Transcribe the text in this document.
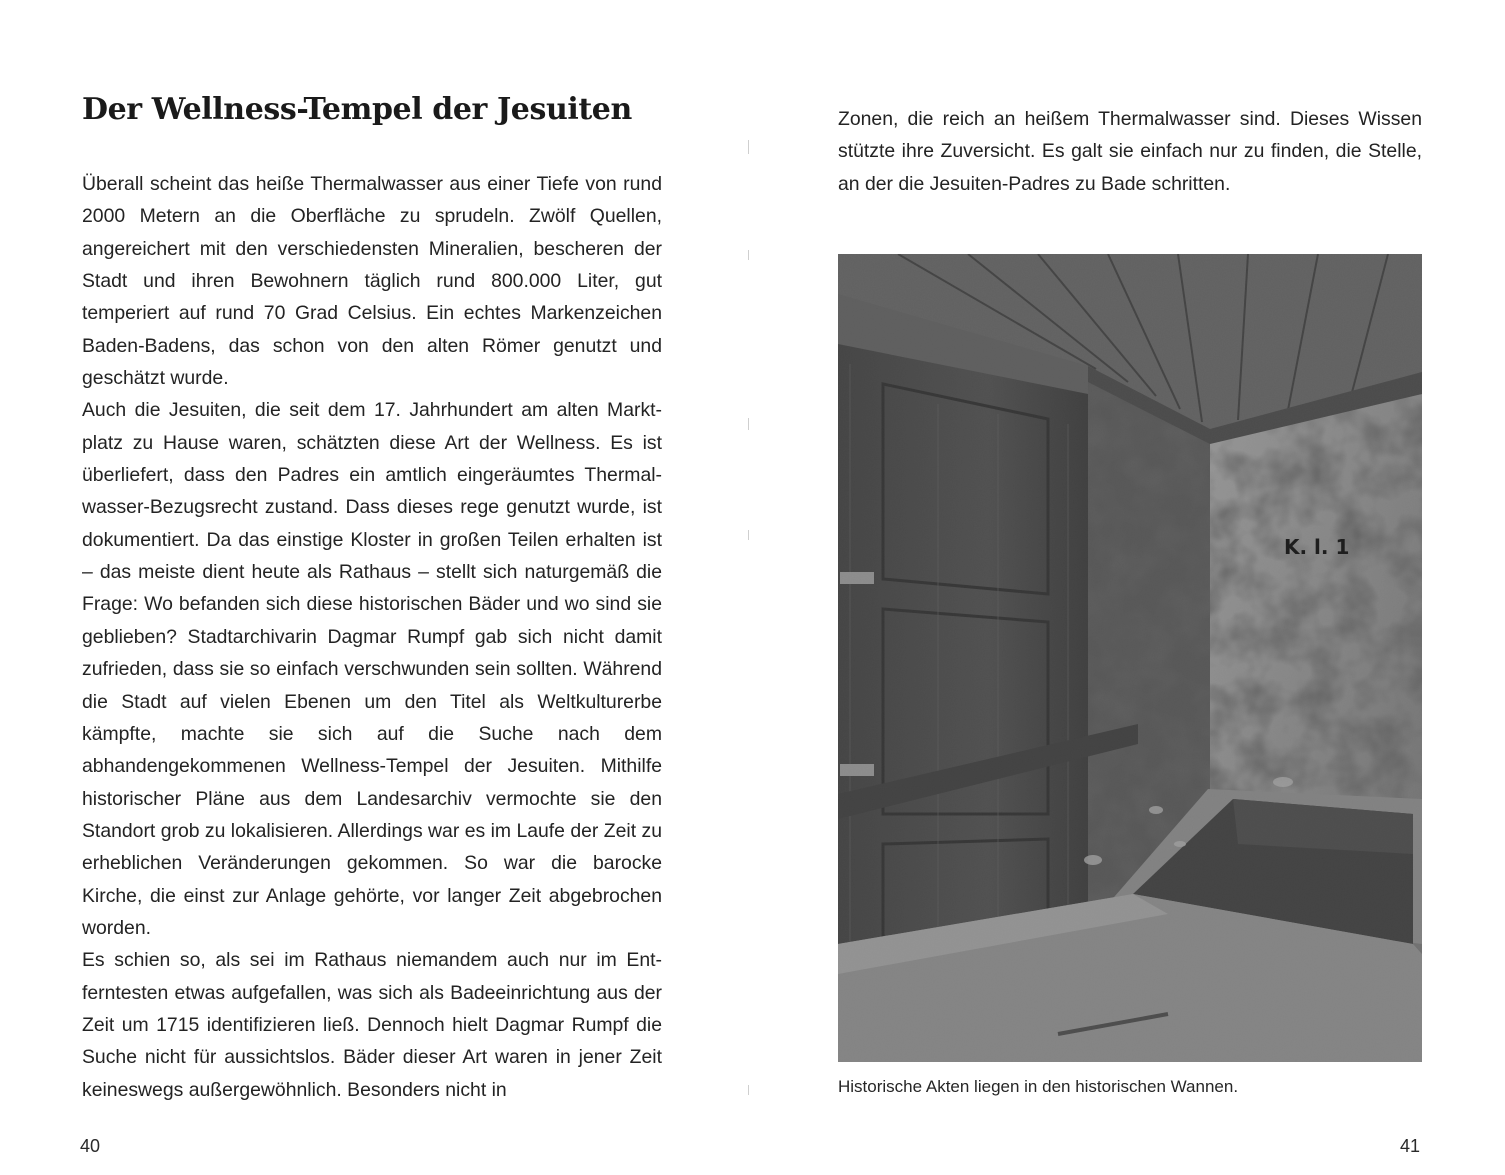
Der Wellness-Tempel der Jesuiten

Überall scheint das heiße Thermalwasser aus einer Tiefe von rund 2000 Metern an die Oberfläche zu sprudeln. Zwölf Quellen, angereichert mit den verschiedensten Mineralien, bescheren der Stadt und ihren Bewohnern täglich rund 800.000 Liter, gut temperiert auf rund 70 Grad Celsius. Ein echtes Markenzeichen Baden-Badens, das schon von den alten Römer genutzt und geschätzt wurde.

Auch die Jesuiten, die seit dem 17. Jahrhundert am alten Marktplatz zu Hause waren, schätzten diese Art der Wellness. Es ist überliefert, dass den Padres ein amtlich eingeräumtes Thermalwasser-Bezugsrecht zustand. Dass dieses rege genutzt wurde, ist dokumentiert. Da das einstige Kloster in großen Teilen erhalten ist – das meiste dient heute als Rathaus – stellt sich naturgemäß die Frage: Wo befanden sich diese historischen Bäder und wo sind sie geblieben? Stadtarchivarin Dagmar Rumpf gab sich nicht damit zufrieden, dass sie so einfach verschwunden sein sollten. Während die Stadt auf vielen Ebenen um den Titel als Weltkulturerbe kämpfte, machte sie sich auf die Suche nach dem abhandengekommenen Wellness-Tempel der Jesuiten. Mithilfe historischer Pläne aus dem Landesarchiv vermochte sie den Standort grob zu lokalisieren. Allerdings war es im Laufe der Zeit zu erheblichen Veränderungen gekommen. So war die barocke Kirche, die einst zur Anlage gehörte, vor langer Zeit abgebrochen worden.

Es schien so, als sei im Rathaus niemandem auch nur im Entferntesten etwas aufgefallen, was sich als Badeeinrichtung aus der Zeit um 1715 identifizieren ließ. Dennoch hielt Dagmar Rumpf die Suche nicht für aussichtslos. Bäder dieser Art waren in jener Zeit keineswegs außergewöhnlich. Besonders nicht in

40

Zonen, die reich an heißem Thermalwasser sind. Dieses Wissen stützte ihre Zuversicht. Es galt sie einfach nur zu finden, die Stelle, an der die Jesuiten-Padres zu Bade schritten.

K. l. 1

Historische Akten liegen in den historischen Wannen.

41
